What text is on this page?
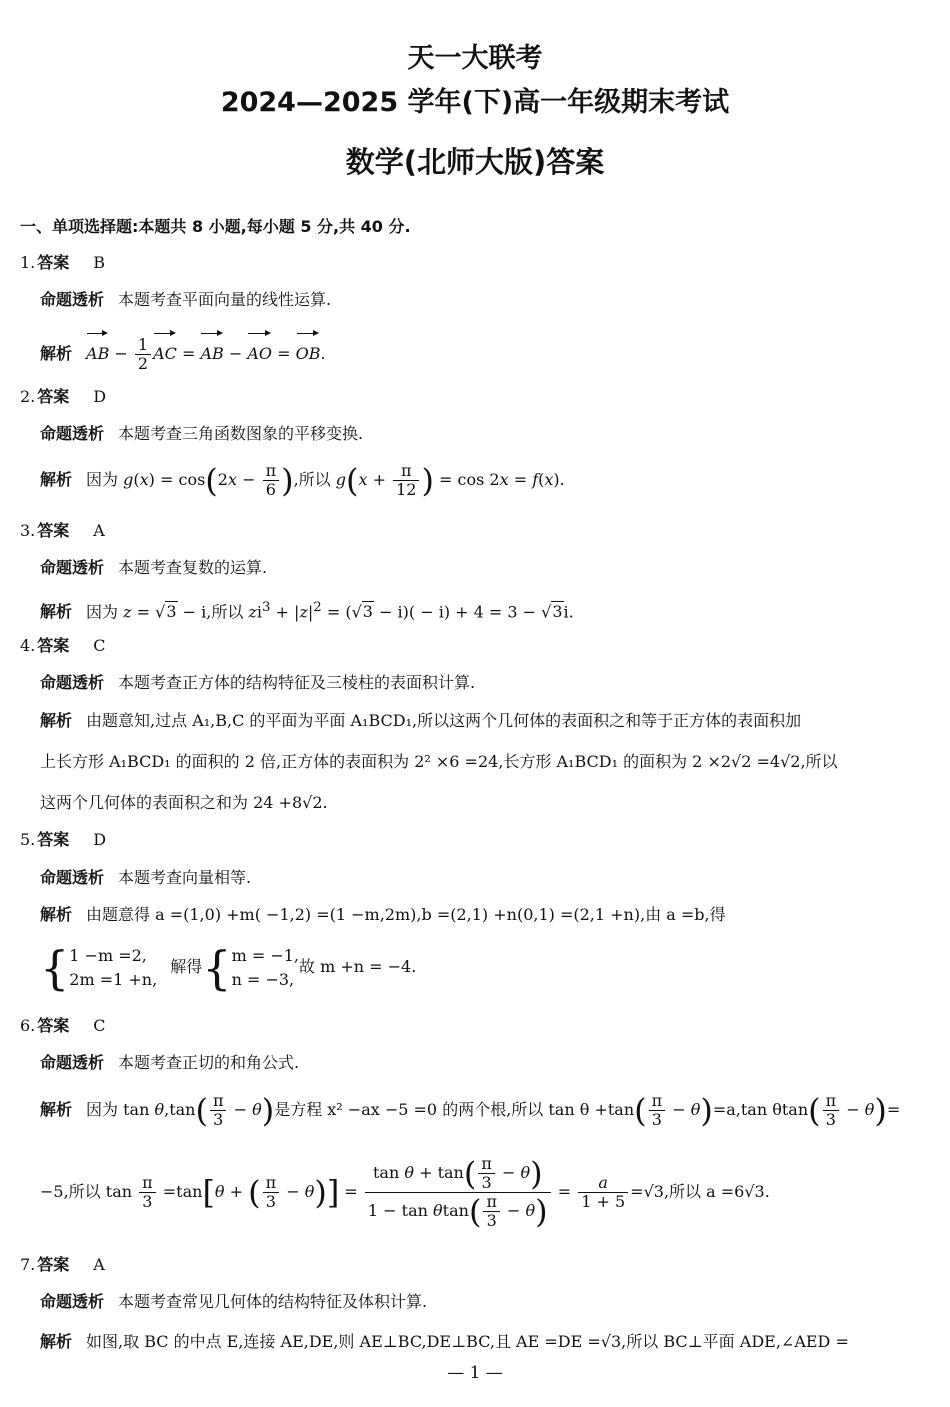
天一大联考
2024—2025 学年(下)高一年级期末考试
数学(北师大版)答案
一、单项选择题:本题共 8 小题,每小题 5 分,共 40 分.
1. 答案 B
命题透析 本题考查平面向量的线性运算.
解析 AB − $\frac{1}{2}$ AC = AB − AO = OB.
2. 答案 D
命题透析 本题考查三角函数图象的平移变换.
解析 因为 $g(x) = \cos(2x - \frac{\pi}{6}$ ),所以 $g(x + \frac{\pi}{12}$ ) = cos 2x = f(x).
3. 答案 A
命题透析 本题考查复数的运算.
解析 因为 z = √3 − i,所以 $zi^3 + |z|^2 = (√3 - i)( - i) + 4 = 3 - √3i$.
4. 答案 C
命题透析 本题考查正方体的结构特征及三棱柱的表面积计算.
解析 由题意知,过点 A₁,B,C 的平面为平面 A₁BCD₁,所以这两个几何体的表面积之和等于正方体的表面积加
上长方形 A₁BCD₁ 的面积的 2 倍,正方体的表面积为 2² ×6 =24,长方形 A₁BCD₁ 的面积为 2 ×2√2 =4√2,所以
这两个几何体的表面积之和为 24 +8√2.
5. 答案 D
命题透析 本题考查向量相等.
解析 由题意得 a =(1,0) +m( −1,2) =(1 −m,2m),b =(2,1) +n(0,1) =(2,1 +n),由 a =b,得
{ 1 −m =2,
2m =1 +n,
解得{ m = −1,
n = −3,
故 m +n = −4.
6. 答案 C
命题透析 本题考查正切的和角公式.
解析 因为 $\tan \theta,\tan( \frac{\pi}{3} - \theta)$是方程 x² −ax −5 =0 的两个根,所以 $\tan \theta +\tan( \frac{\pi}{3} - \theta)=a,\tan$ $\theta\tan( \frac{\pi}{3} - \theta)=$
−5,所以 $\tan \frac{\pi}{3} =\tan[\theta$ + ( $\frac{\pi}{3} - \theta)] = \frac{\tan \theta + \tan( \frac{\pi}{3} - \theta)}{1 - \tan \theta\tan( \frac{\pi}{3} - \theta)} = \frac{a}{1 + 5} =√3$,所以 a =6√3.
7. 答案 A
命题透析 本题考查常见几何体的结构特征及体积计算.
解析 如图,取 BC 的中点 E,连接 AE,DE,则 AE⊥BC,DE⊥BC,且 AE =DE =√3,所以 BC⊥平面 ADE,∠AED =
— 1 —
